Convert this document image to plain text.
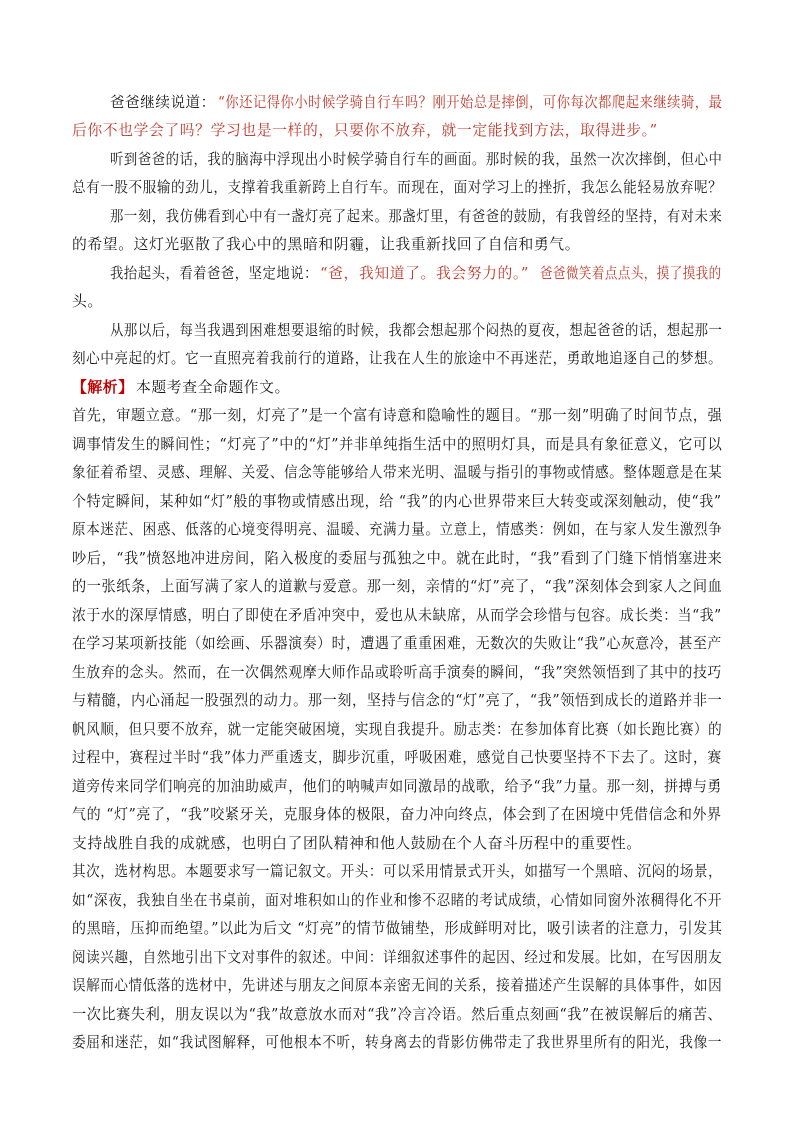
爸爸继续说道： “你还记得你小时候学骑自行车吗？刚开始总是摔倒，可你每次都爬起来继续骑，最
后你不也学会了吗？学习也是一样的，只要你不放弃，就一定能找到方法，取得进步。”
听到爸爸的话，我的脑海中浮现出小时候学骑自行车的画面。那时候的我，虽然一次次摔倒，但心中
总有一股不服输的劲儿，支撑着我重新跨上自行车。而现在，面对学习上的挫折，我怎么能轻易放弃呢？
那一刻，我仿佛看到心中有一盏灯亮了起来。那盏灯里，有爸爸的鼓励，有我曾经的坚持，有对未来
的希望。这灯光驱散了我心中的黑暗和阴霾，让我重新找回了自信和勇气。
我抬起头，看着爸爸，坚定地说： “爸，我知道了。我会努力的。” 爸爸微笑着点点头，摸了摸我的
头。
从那以后，每当我遇到困难想要退缩的时候，我都会想起那个闷热的夏夜，想起爸爸的话，想起那一
刻心中亮起的灯。它一直照亮着我前行的道路，让我在人生的旅途中不再迷茫，勇敢地追逐自己的梦想。
【解析】 本题考查全命题作文。
首先，审题立意。“那一刻，灯亮了”是一个富有诗意和隐喻性的题目。“那一刻”明确了时间节点，强
调事情发生的瞬间性；“灯亮了”中的“灯”并非单纯指生活中的照明灯具，而是具有象征意义，它可以
象征着希望、灵感、理解、关爱、信念等能够给人带来光明、温暖与指引的事物或情感。整体题意是在某
个特定瞬间，某种如“灯”般的事物或情感出现，给 “我”的内心世界带来巨大转变或深刻触动，使“我”
原本迷茫、困惑、低落的心境变得明亮、温暖、充满力量。立意上，情感类：例如，在与家人发生激烈争
吵后，“我”愤怒地冲进房间，陷入极度的委屈与孤独之中。就在此时，“我”看到了门缝下悄悄塞进来
的一张纸条，上面写满了家人的道歉与爱意。那一刻，亲情的“灯”亮了，“我”深刻体会到家人之间血
浓于水的深厚情感，明白了即使在矛盾冲突中，爱也从未缺席，从而学会珍惜与包容。成长类：当“我”
在学习某项新技能（如绘画、乐器演奏）时，遭遇了重重困难，无数次的失败让“我”心灰意冷，甚至产
生放弃的念头。然而，在一次偶然观摩大师作品或聆听高手演奏的瞬间，“我”突然领悟到了其中的技巧
与精髓，内心涌起一股强烈的动力。那一刻，坚持与信念的“灯”亮了，“我”领悟到成长的道路并非一
帆风顺，但只要不放弃，就一定能突破困境，实现自我提升。励志类：在参加体育比赛（如长跑比赛）的
过程中，赛程过半时“我”体力严重透支，脚步沉重，呼吸困难，感觉自己快要坚持不下去了。这时，赛
道旁传来同学们响亮的加油助威声，他们的呐喊声如同激昂的战歌，给予“我”力量。那一刻，拼搏与勇
气的 “灯”亮了，“我”咬紧牙关，克服身体的极限，奋力冲向终点，体会到了在困境中凭借信念和外界
支持战胜自我的成就感，也明白了团队精神和他人鼓励在个人奋斗历程中的重要性。
其次，选材构思。本题要求写一篇记叙文。开头：可以采用情景式开头，如描写一个黑暗、沉闷的场景，
如“深夜，我独自坐在书桌前，面对堆积如山的作业和惨不忍睹的考试成绩，心情如同窗外浓稠得化不开
的黑暗，压抑而绝望。”以此为后文 “灯亮”的情节做铺垫，形成鲜明对比，吸引读者的注意力，引发其
阅读兴趣，自然地引出下文对事件的叙述。中间：详细叙述事件的起因、经过和发展。比如，在写因朋友
误解而心情低落的选材中，先讲述与朋友之间原本亲密无间的关系，接着描述产生误解的具体事件，如因
一次比赛失利，朋友误以为“我”故意放水而对“我”冷言冷语。然后重点刻画“我”在被误解后的痛苦、
委屈和迷茫，如“我试图解释，可他根本不听，转身离去的背影仿佛带走了我世界里所有的阳光，我像一
